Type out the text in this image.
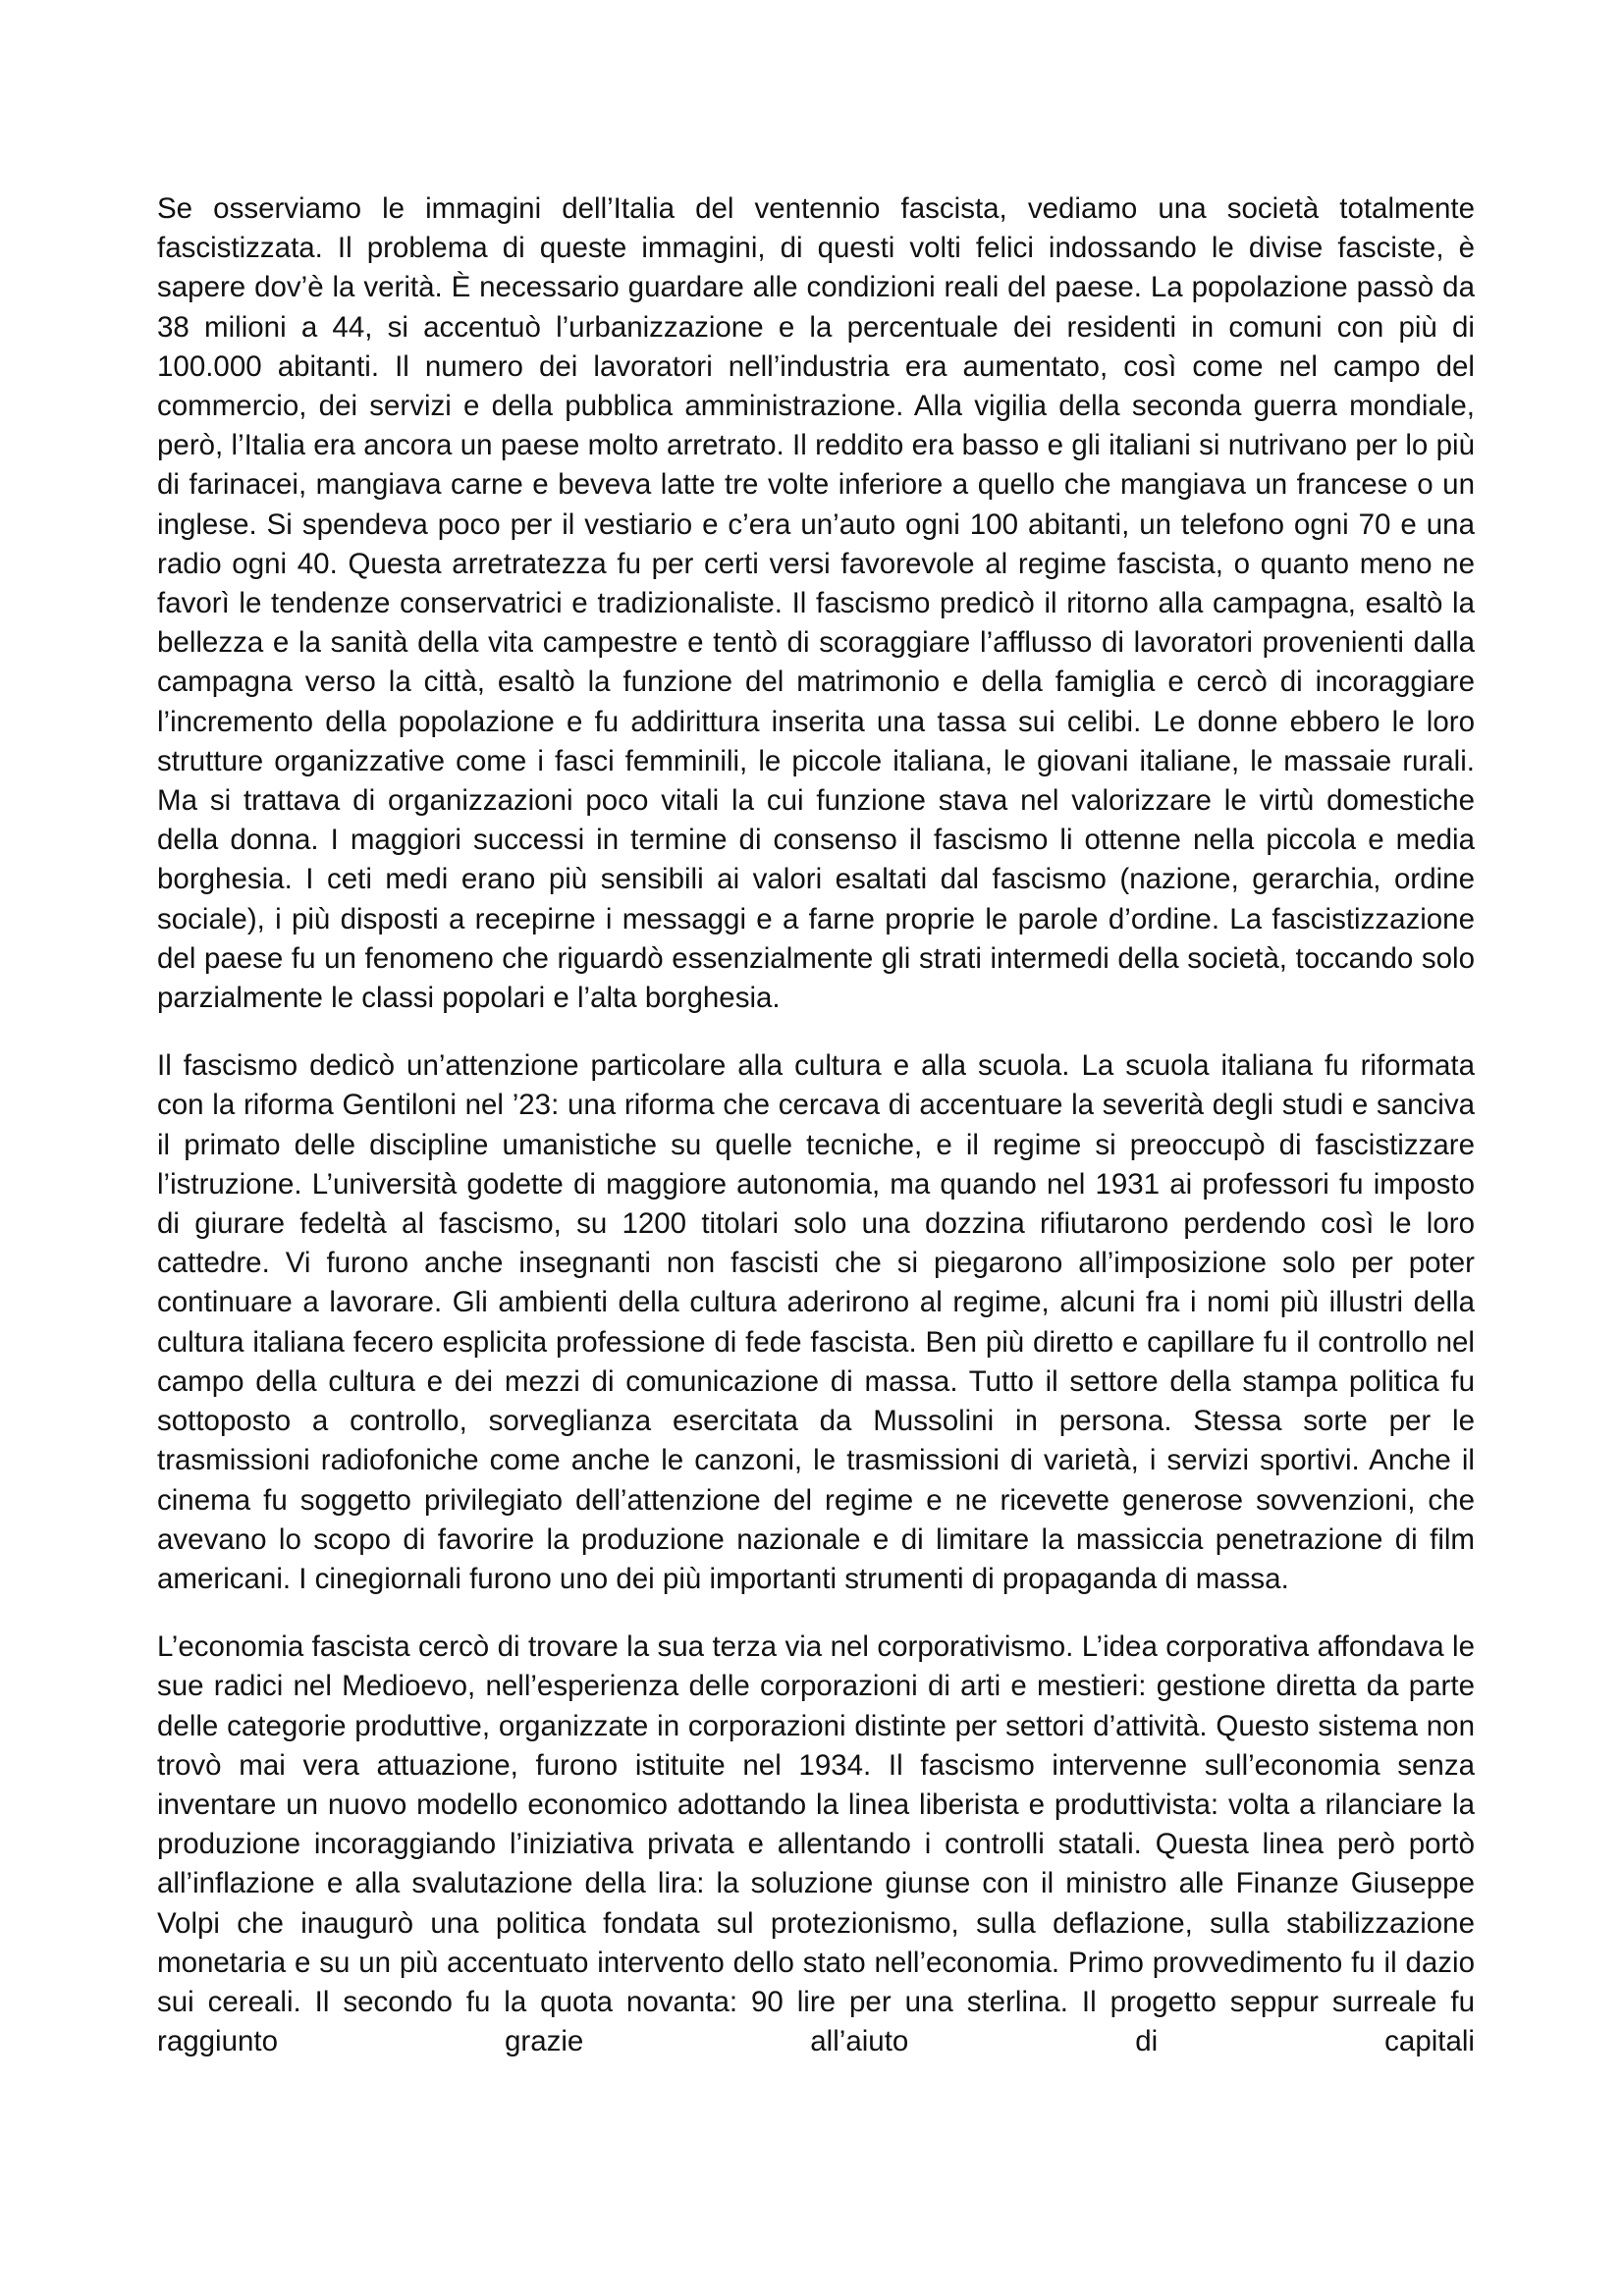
Se osserviamo le immagini dell’Italia del ventennio fascista, vediamo una società totalmente fascistizzata. Il problema di queste immagini, di questi volti felici indossando le divise fasciste, è sapere dov’è la verità. È necessario guardare alle condizioni reali del paese. La popolazione passò da 38 milioni a 44, si accentuò l’urbanizzazione e la percentuale dei residenti in comuni con più di 100.000 abitanti. Il numero dei lavoratori nell’industria era aumentato, così come nel campo del commercio, dei servizi e della pubblica amministrazione. Alla vigilia della seconda guerra mondiale, però, l’Italia era ancora un paese molto arretrato. Il reddito era basso e gli italiani si nutrivano per lo più di farinacei, mangiava carne e beveva latte tre volte inferiore a quello che mangiava un francese o un inglese. Si spendeva poco per il vestiario e c’era un’auto ogni 100 abitanti, un telefono ogni 70 e una radio ogni 40. Questa arretratezza fu per certi versi favorevole al regime fascista, o quanto meno ne favorì le tendenze conservatrici e tradizionaliste. Il fascismo predicò il ritorno alla campagna, esaltò la bellezza e la sanità della vita campestre e tentò di scoraggiare l’afflusso di lavoratori provenienti dalla campagna verso la città, esaltò la funzione del matrimonio e della famiglia e cercò di incoraggiare l’incremento della popolazione e fu addirittura inserita una tassa sui celibi. Le donne ebbero le loro strutture organizzative come i fasci femminili, le piccole italiana, le giovani italiane, le massaie rurali. Ma si trattava di organizzazioni poco vitali la cui funzione stava nel valorizzare le virtù domestiche della donna. I maggiori successi in termine di consenso il fascismo li ottenne nella piccola e media borghesia. I ceti medi erano più sensibili ai valori esaltati dal fascismo (nazione, gerarchia, ordine sociale), i più disposti a recepirne i messaggi e a farne proprie le parole d’ordine. La fascistizzazione del paese fu un fenomeno che riguardò essenzialmente gli strati intermedi della società, toccando solo parzialmente le classi popolari e l’alta borghesia.

Il fascismo dedicò un’attenzione particolare alla cultura e alla scuola. La scuola italiana fu riformata con la riforma Gentiloni nel ’23: una riforma che cercava di accentuare la severità degli studi e sanciva il primato delle discipline umanistiche su quelle tecniche, e il regime si preoccupò di fascistizzare l’istruzione. L’università godette di maggiore autonomia, ma quando nel 1931 ai professori fu imposto di giurare fedeltà al fascismo, su 1200 titolari solo una dozzina rifiutarono perdendo così le loro cattedre. Vi furono anche insegnanti non fascisti che si piegarono all’imposizione solo per poter continuare a lavorare. Gli ambienti della cultura aderirono al regime, alcuni fra i nomi più illustri della cultura italiana fecero esplicita professione di fede fascista. Ben più diretto e capillare fu il controllo nel campo della cultura e dei mezzi di comunicazione di massa. Tutto il settore della stampa politica fu sottoposto a controllo, sorveglianza esercitata da Mussolini in persona. Stessa sorte per le trasmissioni radiofoniche come anche le canzoni, le trasmissioni di varietà, i servizi sportivi. Anche il cinema fu soggetto privilegiato dell’attenzione del regime e ne ricevette generose sovvenzioni, che avevano lo scopo di favorire la produzione nazionale e di limitare la massiccia penetrazione di film americani. I cinegiornali furono uno dei più importanti strumenti di propaganda di massa.

L’economia fascista cercò di trovare la sua terza via nel corporativismo. L’idea corporativa affondava le sue radici nel Medioevo, nell’esperienza delle corporazioni di arti e mestieri: gestione diretta da parte delle categorie produttive, organizzate in corporazioni distinte per settori d’attività. Questo sistema non trovò mai vera attuazione, furono istituite nel 1934. Il fascismo intervenne sull’economia senza inventare un nuovo modello economico adottando la linea liberista e produttivista: volta a rilanciare la produzione incoraggiando l’iniziativa privata e allentando i controlli statali. Questa linea però portò all’inflazione e alla svalutazione della lira: la soluzione giunse con il ministro alle Finanze Giuseppe Volpi che inaugurò una politica fondata sul protezionismo, sulla deflazione, sulla stabilizzazione monetaria e su un più accentuato intervento dello stato nell’economia. Primo provvedimento fu il dazio sui cereali. Il secondo fu la quota novanta: 90 lire per una sterlina. Il progetto seppur surreale fu raggiunto grazie all’aiuto di capitali
